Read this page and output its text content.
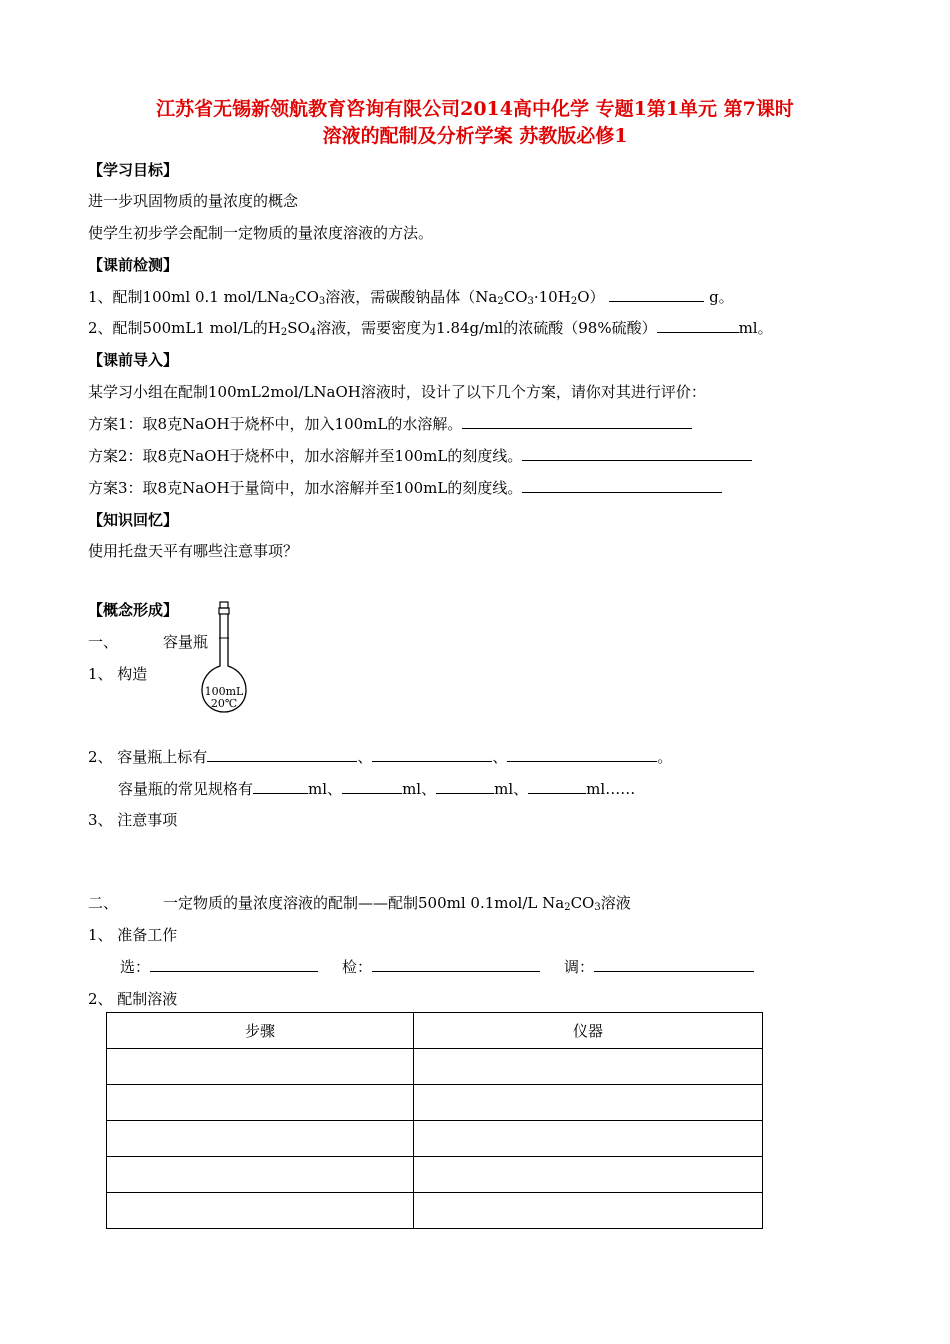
江苏省无锡新领航教育咨询有限公司2014高中化学 专题1第1单元 第7课时
溶液的配制及分析学案 苏教版必修1
【学习目标】
进一步巩固物质的量浓度的概念
使学生初步学会配制一定物质的量浓度溶液的方法。
【课前检测】
1、配制100ml 0.1 mol/$LNa_2CO_3$溶液，需碳酸钠晶体$(Na_2CO_3\cdot 10H_2O)$	g。
2、配制500mL1 mol/L的$H_2SO_4$溶液，需要密度为1.84g/ml的浓硫酸（98%硫酸）	ml。
【课前导入】
某学习小组在配制100mL2mol/LNaOH溶液时，设计了以下几个方案，请你对其进行评价：
方案1：取8克NaOH于烧杯中，加入100mL的水溶解。
方案2：取8克NaOH于烧杯中，加水溶解并至100mL的刻度线。
方案3：取8克NaOH于量筒中，加水溶解并至100mL的刻度线。
【知识回忆】
使用托盘天平有哪些注意事项？
【概念形成】
一、	容量瓶
1、 构造
100mL
20℃
2、 容量瓶上标有	、	、	。
容量瓶的常见规格有	ml、	ml、	ml、	ml……
3、 注意事项
二、	一定物质的量浓度溶液的配制——配制500ml 0.1mol/L $Na_2CO_3$溶液
1、 准备工作
选：	检：	调：
2、 配制溶液
步骤	仪器
